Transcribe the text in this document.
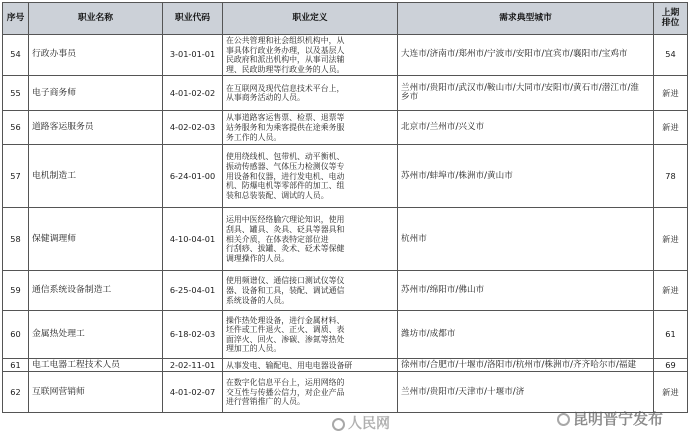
序号	职业名称	职业代码	职业定义	需求典型城市	上期
排位

54	行政办事员	3-01-01-01	在公共管理和社会组织机构中，从
事具体行政业务办理，以及基层人
民政府和派出机构中，从事司法辅
理、民政助理等行政业务的人员。	大连市/济南市/郑州市/宁波市/安阳市/宜宾市/襄阳市/宝鸡市	54
55	电子商务师	4-01-02-02	在互联网及现代信息技术平台上，
从事商务活动的人员。	兰州市/贵阳市/武汉市/鞍山市/大同市/安阳市/黄石市/潜江市/淮
乡市	新进
56	道路客运服务员	4-02-02-03	从事道路客运售票、检票、退票等
站务服务和为乘客提供在途乘务服
务工作的人员。	北京市/兰州市/兴义市	新进
57	电机制造工	6-24-01-00	使用绕线机、包带机、动平衡机、
振动传感器、气体压力检测仪等专
用设备和仪器，进行发电机、电动
机、防爆电机等零部件的加工、组
装和总装装配、调试的人员。	苏州市/蚌埠市/株洲市/黄山市	78
58	保健调理师	4-10-04-01	运用中医经络腧穴理论知识，使用
刮具、罐具、灸具、砭具等器具和
相关介质，在体表特定部位进
行刮痧、拔罐、灸术、砭术等保健
调理操作的人员。	杭州市	新进
59	通信系统设备制造工	6-25-04-01	使用频谱仪、通信接口测试仪等仪
器、设备和工具，装配、调试通信
系统设备的人员。	苏州市/绵阳市/佛山市	新进
60	金属热处理工	6-18-02-03	操作热处理设备，进行金属材料、
坯件或工件退火、正火、调质、表
面淬火、回火、渗碳、渗氮等热处
理加工的人员。	潍坊市/成都市	61
61	电工电器工程技术人员	2-02-11-01	从事发电、输配电、用电电器设备研	徐州市/合肥市/十堰市/洛阳市/杭州市/株洲市/齐齐哈尔市/福建	69
62	互联网营销师	4-01-02-07	在数字化信息平台上，运用网络的
交互性与传播公信力，对企业产品
进行营销推广的人员。	兰州市/贵阳市/天津市/十堰市/济	新进
人民网	昆明晋宁发布
